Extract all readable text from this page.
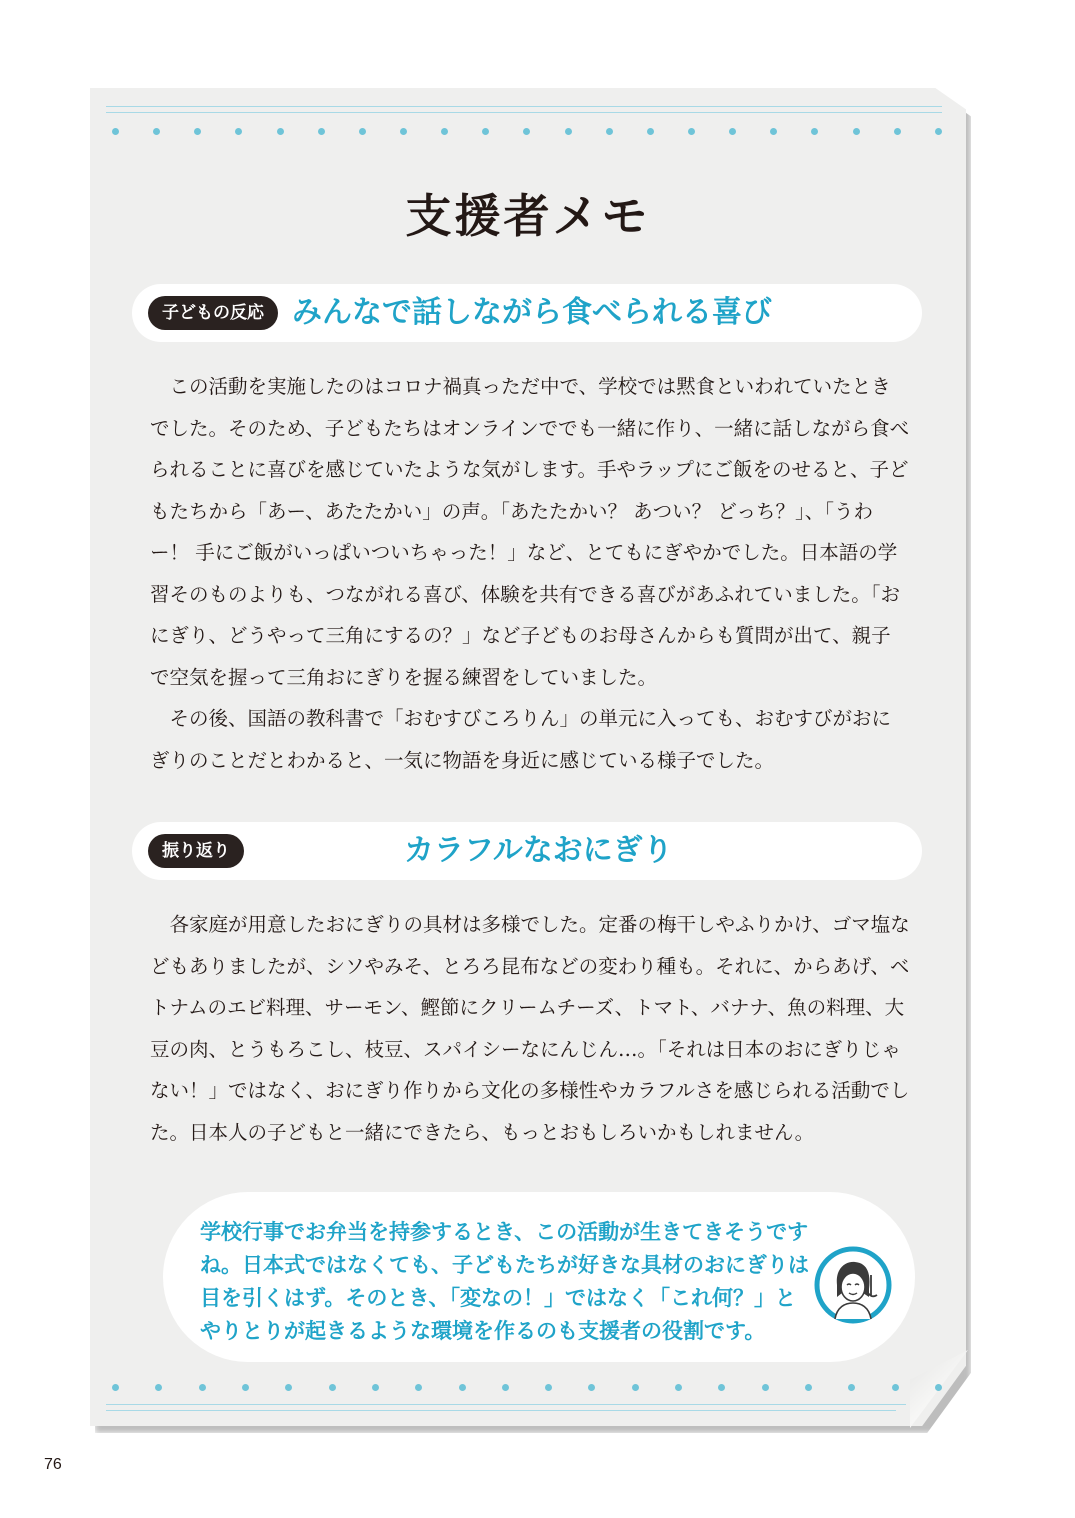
支援者メモ
子どもの反応 みんなで話しながら食べられる喜び

この活動を実施したのはコロナ禍真っただ中で、学校では黙食といわれていたときでした。そのため、子どもたちはオンラインででも一緒に作り、一緒に話しながら食べられることに喜びを感じていたような気がします。手やラップにご飯をのせると、子どもたちから「あー、あたたかい」の声。「あたたかい？ あつい？ どっち？」、「うわー！ 手にご飯がいっぱいついちゃった！」など、とてもにぎやかでした。日本語の学習そのものよりも、つながれる喜び、体験を共有できる喜びがあふれていました。「おにぎり、どうやって三角にするの？」など子どものお母さんからも質問が出て、親子で空気を握って三角おにぎりを握る練習をしていました。

その後、国語の教科書で「おむすびころりん」の単元に入っても、おむすびがおにぎりのことだとわかると、一気に物語を身近に感じている様子でした。

振り返り	カラフルなおにぎり

各家庭が用意したおにぎりの具材は多様でした。定番の梅干しやふりかけ、ゴマ塩などもありましたが、シソやみそ、とろろ昆布などの変わり種も。それに、からあげ、ベトナムのエビ料理、サーモン、鰹節にクリームチーズ、トマト、バナナ、魚の料理、大豆の肉、とうもろこし、枝豆、スパイシーなにんじん…。「それは日本のおにぎりじゃない！」ではなく、おにぎり作りから文化の多様性やカラフルさを感じられる活動でした。日本人の子どもと一緒にできたら、もっとおもしろいかもしれません。

学校行事でお弁当を持参するとき、この活動が生きてきそうですね。日本式ではなくても、子どもたちが好きな具材のおにぎりは目を引くはず。そのとき、「変なの！」ではなく「これ何？」とやりとりが起きるような環境を作るのも支援者の役割です。

76
